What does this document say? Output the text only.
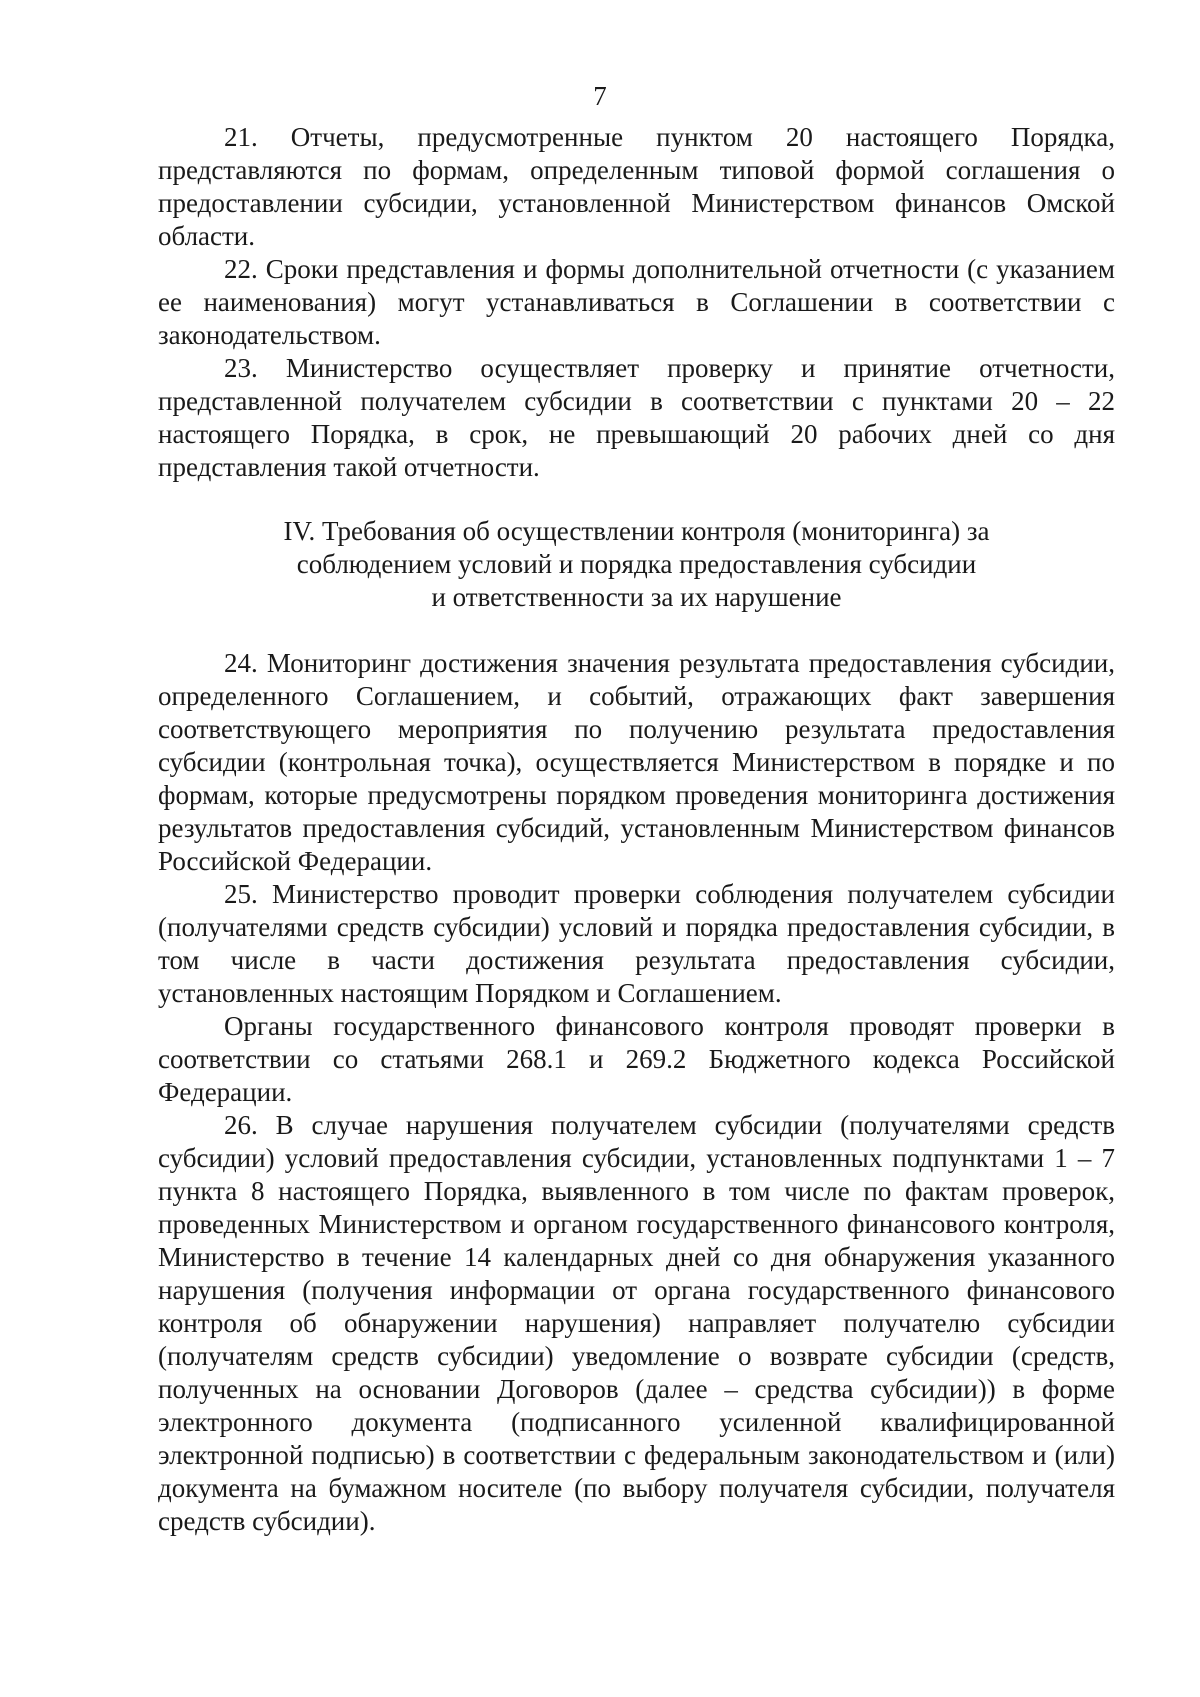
7

21. Отчеты, предусмотренные пунктом 20 настоящего Порядка, представляются по формам, определенным типовой формой соглашения о предоставлении субсидии, установленной Министерством финансов Омской области.

22. Сроки представления и формы дополнительной отчетности (с указанием ее наименования) могут устанавливаться в Соглашении в соответствии с законодательством.

23. Министерство осуществляет проверку и принятие отчетности, представленной получателем субсидии в соответствии с пунктами 20 – 22 настоящего Порядка, в срок, не превышающий 20 рабочих дней со дня представления такой отчетности.

IV. Требования об осуществлении контроля (мониторинга) за
соблюдением условий и порядка предоставления субсидии
и ответственности за их нарушение

24. Мониторинг достижения значения результата предоставления субсидии, определенного Соглашением, и событий, отражающих факт завершения соответствующего мероприятия по получению результата предоставления субсидии (контрольная точка), осуществляется Министерством в порядке и по формам, которые предусмотрены порядком проведения мониторинга достижения результатов предоставления субсидий, установленным Министерством финансов Российской Федерации.

25. Министерство проводит проверки соблюдения получателем субсидии (получателями средств субсидии) условий и порядка предоставления субсидии, в том числе в части достижения результата предоставления субсидии, установленных настоящим Порядком и Соглашением.

Органы государственного финансового контроля проводят проверки в соответствии со статьями 268.1 и 269.2 Бюджетного кодекса Российской Федерации.

26. В случае нарушения получателем субсидии (получателями средств субсидии) условий предоставления субсидии, установленных подпунктами 1 – 7 пункта 8 настоящего Порядка, выявленного в том числе по фактам проверок, проведенных Министерством и органом государственного финансового контроля, Министерство в течение 14 календарных дней со дня обнаружения указанного нарушения (получения информации от органа государственного финансового контроля об обнаружении нарушения) направляет получателю субсидии (получателям средств субсидии) уведомление о возврате субсидии (средств, полученных на основании Договоров (далее – средства субсидии)) в форме электронного документа (подписанного усиленной квалифицированной электронной подписью) в соответствии с федеральным законодательством и (или) документа на бумажном носителе (по выбору получателя субсидии, получателя средств субсидии).
